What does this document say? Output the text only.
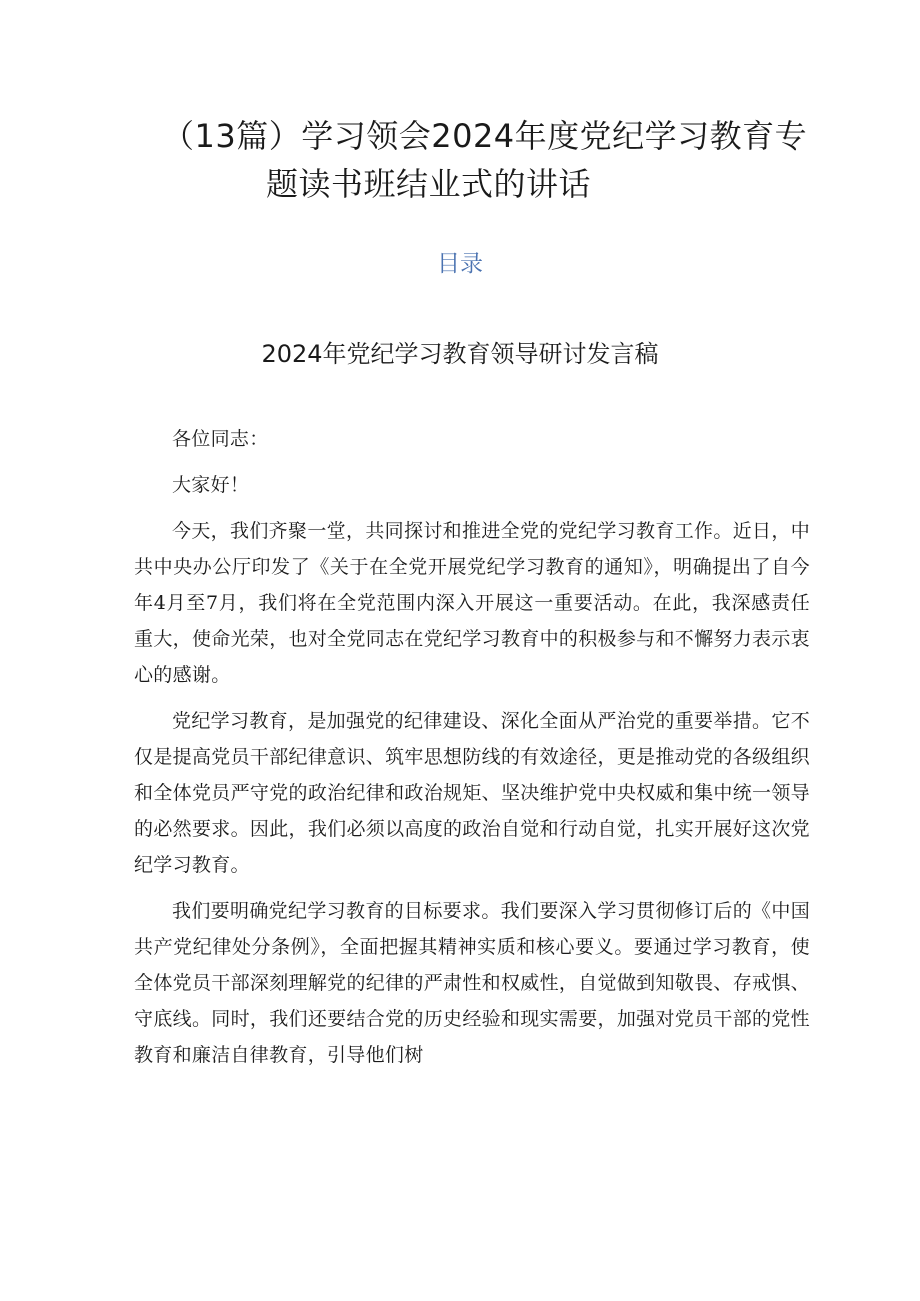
（13篇）学习领会2024年度党纪学习教育专
题读书班结业式的讲话
目录
2024年党纪学习教育领导研讨发言稿

各位同志：

大家好！

今天，我们齐聚一堂，共同探讨和推进全党的党纪学习教育工作。近日，中共中央办公厅印发了《关于在全党开展党纪学习教育的通知》，明确提出了自今年4月至7月，我们将在全党范围内深入开展这一重要活动。在此，我深感责任重大，使命光荣，也对全党同志在党纪学习教育中的积极参与和不懈努力表示衷心的感谢。

党纪学习教育，是加强党的纪律建设、深化全面从严治党的重要举措。它不仅是提高党员干部纪律意识、筑牢思想防线的有效途径，更是推动党的各级组织和全体党员严守党的政治纪律和政治规矩、坚决维护党中央权威和集中统一领导的必然要求。因此，我们必须以高度的政治自觉和行动自觉，扎实开展好这次党纪学习教育。

我们要明确党纪学习教育的目标要求。我们要深入学习贯彻修订后的《中国共产党纪律处分条例》，全面把握其精神实质和核心要义。要通过学习教育，使全体党员干部深刻理解党的纪律的严肃性和权威性，自觉做到知敬畏、存戒惧、守底线。同时，我们还要结合党的历史经验和现实需要，加强对党员干部的党性教育和廉洁自律教育，引导他们树
